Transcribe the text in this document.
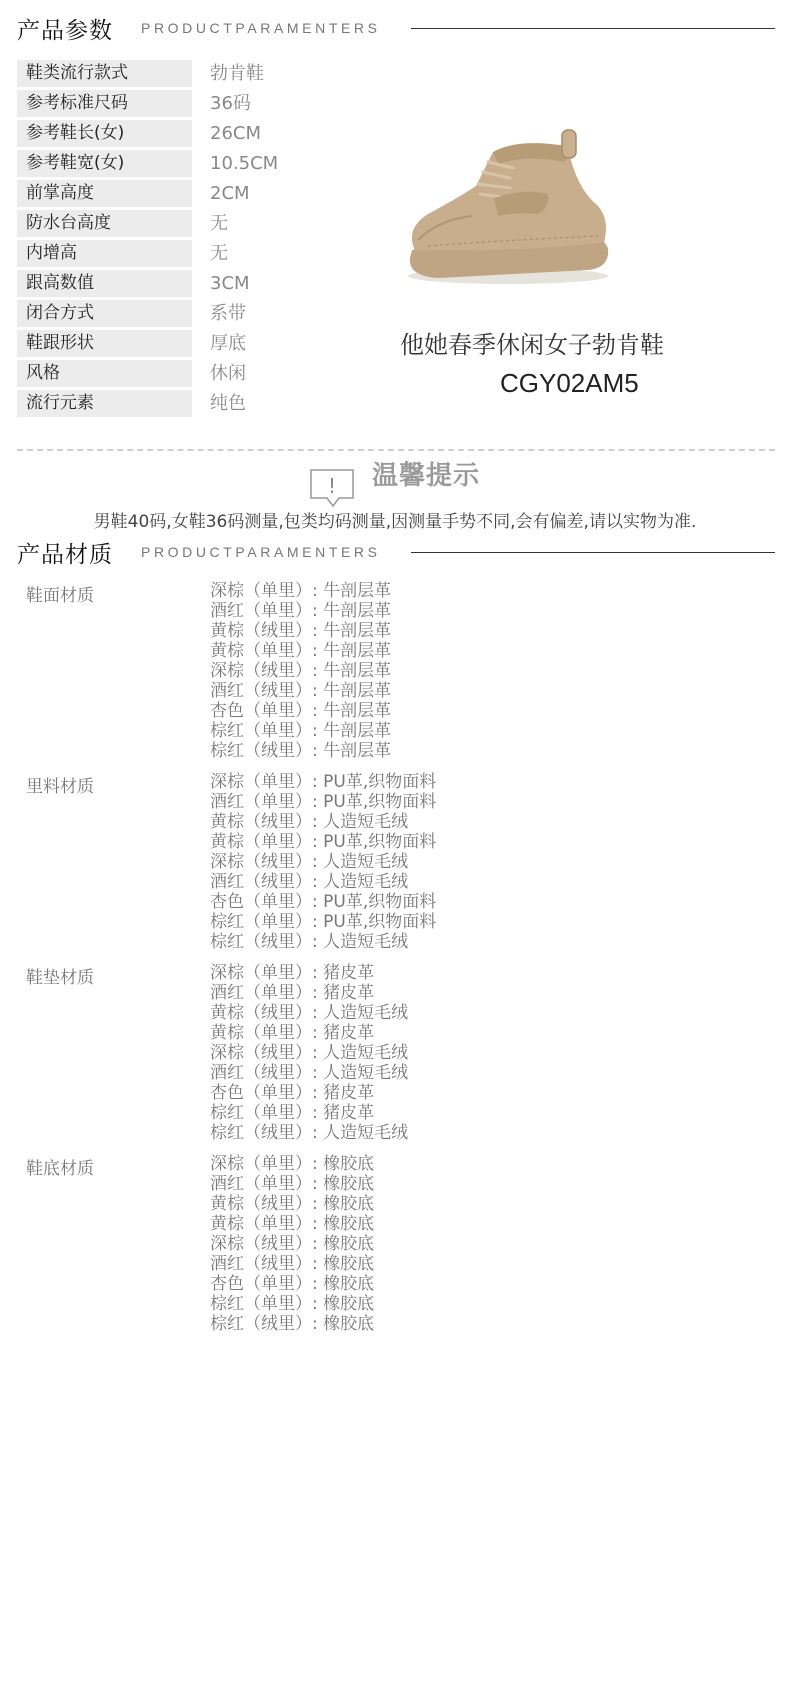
产品参数 PRODUCTPARAMENTERS
鞋类流行款式	勃肯鞋
参考标准尺码	36码
参考鞋长(女)	26CM
参考鞋宽(女)	10.5CM
前掌高度	2CM
防水台高度	无
内增高	无
跟高数值	3CM
闭合方式	系带
鞋跟形状	厚底
风格	休闲
流行元素	纯色
他她春季休闲女子勃肯鞋
CGY02AM5
! 温馨提示
男鞋40码,女鞋36码测量,包类均码测量,因测量手势不同,会有偏差,请以实物为准.
产品材质 PRODUCTPARAMENTERS
鞋面材质	深棕（单里）: 牛剖层革
酒红（单里）: 牛剖层革
黄棕（绒里）: 牛剖层革
黄棕（单里）: 牛剖层革
深棕（绒里）: 牛剖层革
酒红（绒里）: 牛剖层革
杏色（单里）: 牛剖层革
棕红（单里）: 牛剖层革
棕红（绒里）: 牛剖层革
里料材质	深棕（单里）: PU革,织物面料
酒红（单里）: PU革,织物面料
黄棕（绒里）: 人造短毛绒
黄棕（单里）: PU革,织物面料
深棕（绒里）: 人造短毛绒
酒红（绒里）: 人造短毛绒
杏色（单里）: PU革,织物面料
棕红（单里）: PU革,织物面料
棕红（绒里）: 人造短毛绒
鞋垫材质	深棕（单里）: 猪皮革
酒红（单里）: 猪皮革
黄棕（绒里）: 人造短毛绒
黄棕（单里）: 猪皮革
深棕（绒里）: 人造短毛绒
酒红（绒里）: 人造短毛绒
杏色（单里）: 猪皮革
棕红（单里）: 猪皮革
棕红（绒里）: 人造短毛绒
鞋底材质	深棕（单里）: 橡胶底
酒红（单里）: 橡胶底
黄棕（绒里）: 橡胶底
黄棕（单里）: 橡胶底
深棕（绒里）: 橡胶底
酒红（绒里）: 橡胶底
杏色（单里）: 橡胶底
棕红（单里）: 橡胶底
棕红（绒里）: 橡胶底
